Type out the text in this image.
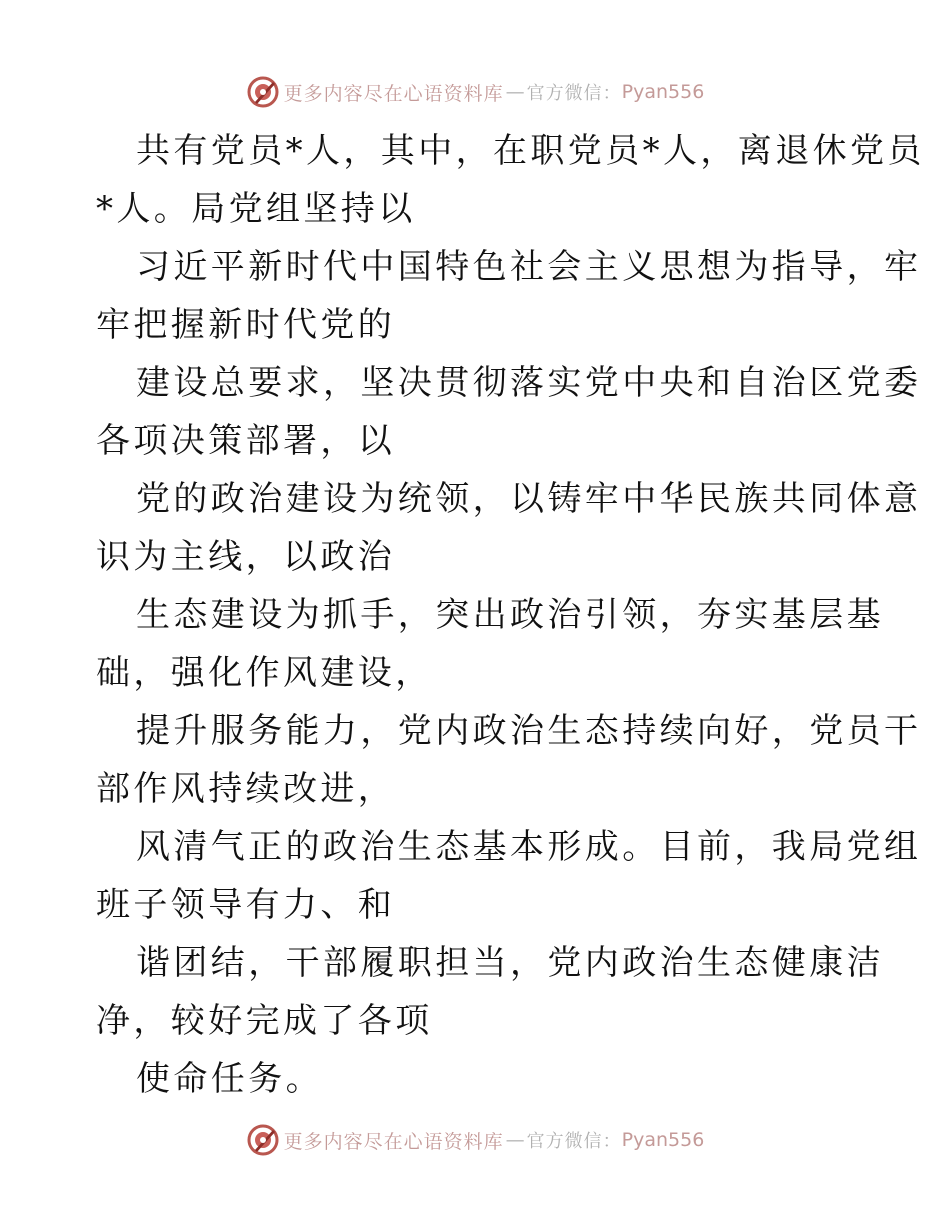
更多内容尽在心语资料库 — 官方微信： Pyan556
共有党员*人，其中，在职党员*人，离退休党员
*人。局党组坚持以
习近平新时代中国特色社会主义思想为指导，牢
牢把握新时代党的
建设总要求，坚决贯彻落实党中央和自治区党委
各项决策部署，以
党的政治建设为统领，以铸牢中华民族共同体意
识为主线，以政治
生态建设为抓手，突出政治引领，夯实基层基
础，强化作风建设，
提升服务能力，党内政治生态持续向好，党员干
部作风持续改进，
风清气正的政治生态基本形成。目前，我局党组
班子领导有力、和
谐团结，干部履职担当，党内政治生态健康洁
净，较好完成了各项
使命任务。
更多内容尽在心语资料库 — 官方微信： Pyan556
